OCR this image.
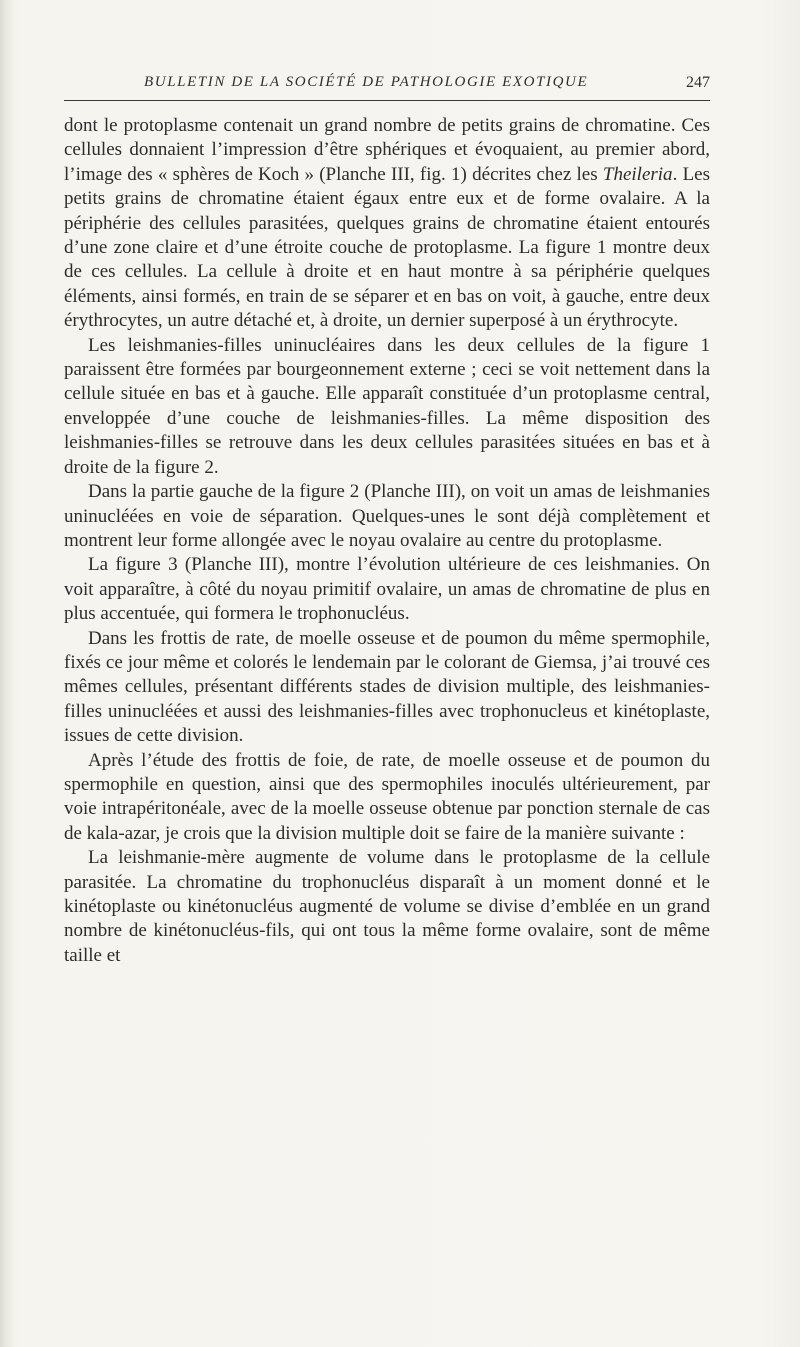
BULLETIN DE LA SOCIÉTÉ DE PATHOLOGIE EXOTIQUE	247

dont le protoplasme contenait un grand nombre de petits grains de chromatine. Ces cellules donnaient l’impression d’être sphériques et évoquaient, au premier abord, l’image des « sphères de Koch » (Planche III, fig. 1) décrites chez les Theileria. Les petits grains de chromatine étaient égaux entre eux et de forme ovalaire. A la périphérie des cellules parasitées, quelques grains de chromatine étaient entourés d’une zone claire et d’une étroite couche de protoplasme. La figure 1 montre deux de ces cellules. La cellule à droite et en haut montre à sa périphérie quelques éléments, ainsi formés, en train de se séparer et en bas on voit, à gauche, entre deux érythrocytes, un autre détaché et, à droite, un dernier superposé à un érythrocyte.

Les leishmanies-filles uninucléaires dans les deux cellules de la figure 1 paraissent être formées par bourgeonnement externe ; ceci se voit nettement dans la cellule située en bas et à gauche. Elle apparaît constituée d’un protoplasme central, enveloppée d’une couche de leishmanies-filles. La même disposition des leishmanies-filles se retrouve dans les deux cellules parasitées situées en bas et à droite de la figure 2.

Dans la partie gauche de la figure 2 (Planche III), on voit un amas de leishmanies uninucléées en voie de séparation. Quelques-unes le sont déjà complètement et montrent leur forme allongée avec le noyau ovalaire au centre du protoplasme.

La figure 3 (Planche III), montre l’évolution ultérieure de ces leishmanies. On voit apparaître, à côté du noyau primitif ovalaire, un amas de chromatine de plus en plus accentuée, qui formera le trophonucléus.

Dans les frottis de rate, de moelle osseuse et de poumon du même spermophile, fixés ce jour même et colorés le lendemain par le colorant de Giemsa, j’ai trouvé ces mêmes cellules, présentant différents stades de division multiple, des leishmanies-filles uninucléées et aussi des leishmanies-filles avec trophonucleus et kinétoplaste, issues de cette division.

Après l’étude des frottis de foie, de rate, de moelle osseuse et de poumon du spermophile en question, ainsi que des spermophiles inoculés ultérieurement, par voie intrapéritonéale, avec de la moelle osseuse obtenue par ponction sternale de cas de kala-azar, je crois que la division multiple doit se faire de la manière suivante :

La leishmanie-mère augmente de volume dans le protoplasme de la cellule parasitée. La chromatine du trophonucléus disparaît à un moment donné et le kinétoplaste ou kinétonucléus augmenté de volume se divise d’emblée en un grand nombre de kinétonucléus-fils, qui ont tous la même forme ovalaire, sont de même taille et
